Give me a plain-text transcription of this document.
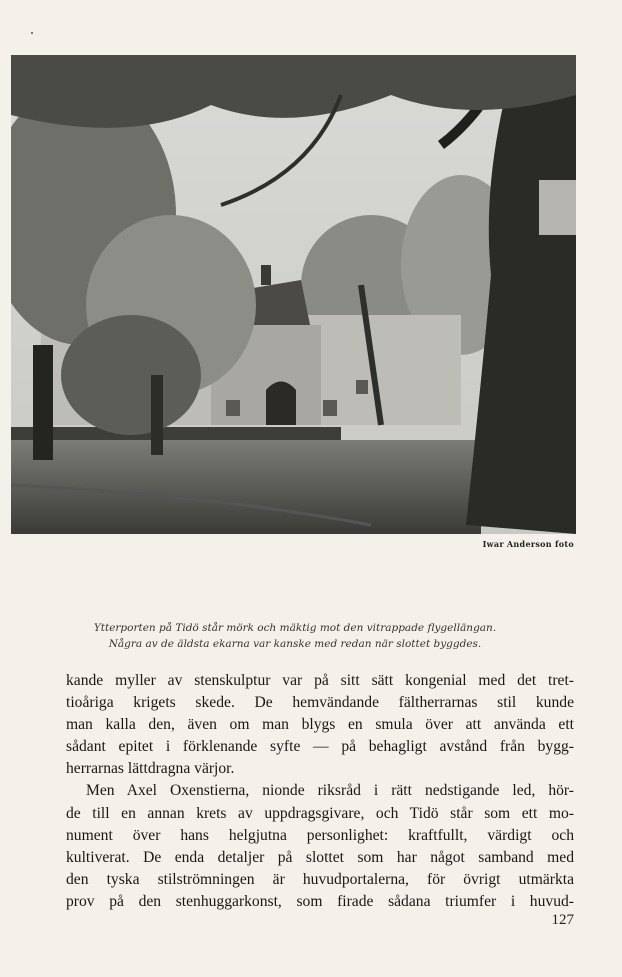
Iwar Anderson foto
Ytterporten på Tidö står mörk och mäktig mot den vitrappade flygellängan.
Några av de äldsta ekarna var kanske med redan när slottet byggdes.
kande myller av stenskulptur var på sitt sätt kongenial med det tret-
tioåriga krigets skede. De hemvändande fältherrarnas stil kunde
man kalla den, även om man blygs en smula över att använda ett
sådant epitet i förklenande syfte — på behagligt avstånd från bygg-
herrarnas lättdragna värjor.
Men Axel Oxenstierna, nionde riksråd i rätt nedstigande led, hör-
de till en annan krets av uppdragsgivare, och Tidö står som ett mo-
nument över hans helgjutna personlighet: kraftfullt, värdigt och
kultiverat. De enda detaljer på slottet som har något samband med
den tyska stilströmningen är huvudportalerna, för övrigt utmärkta
prov på den stenhuggarkonst, som firade sådana triumfer i huvud-
127
